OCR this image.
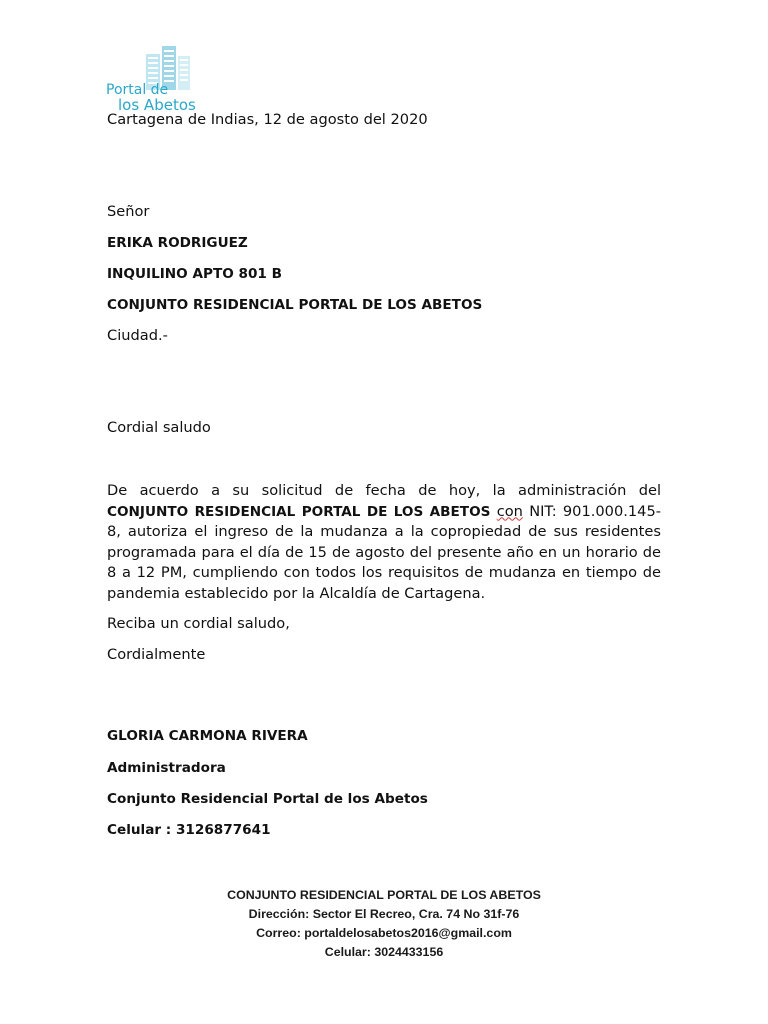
Portal de
los Abetos

Cartagena de Indias, 12 de agosto del 2020

Señor

ERIKA RODRIGUEZ

INQUILINO APTO 801 B

CONJUNTO RESIDENCIAL PORTAL DE LOS ABETOS

Ciudad.-

Cordial saludo

De acuerdo a su solicitud de fecha de hoy, la administración del CONJUNTO RESIDENCIAL PORTAL DE LOS ABETOS con NIT: 901.000.145-8, autoriza el ingreso de la mudanza a la copropiedad de sus residentes programada para el día de 15 de agosto del presente año en un horario de 8 a 12 PM, cumpliendo con todos los requisitos de mudanza en tiempo de pandemia establecido por la Alcaldía de Cartagena.

Reciba un cordial saludo,

Cordialmente

GLORIA CARMONA RIVERA

Administradora

Conjunto Residencial Portal de los Abetos

Celular : 3126877641

CONJUNTO RESIDENCIAL PORTAL DE LOS ABETOS
Dirección: Sector El Recreo, Cra. 74 No 31f-76
Correo: portaldelosabetos2016@gmail.com
Celular: 3024433156
